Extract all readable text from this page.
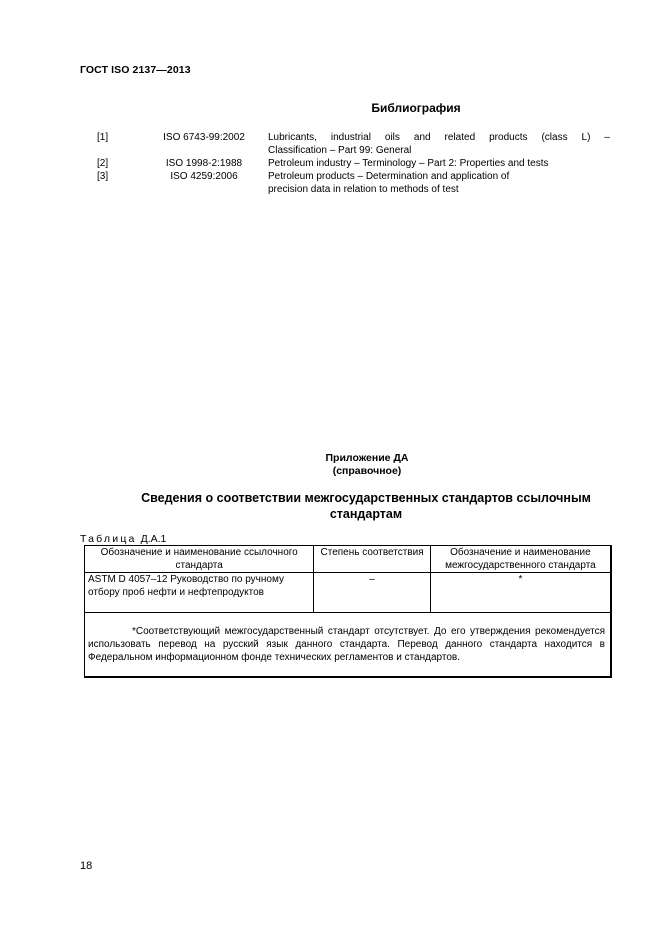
ГОСТ ISO 2137—2013
Библиография
[1]	ISO 6743-99:2002	Lubricants, industrial oils and related products (class L) –
Classification – Part 99: General
[2]	ISO 1998-2:1988	Petroleum industry – Terminology – Part 2: Properties and tests
[3]	ISO 4259:2006	Petroleum products – Determination and application of
precision data in relation to methods of test
Приложение ДА
(справочное)
Сведения о соответствии межгосударственных стандартов ссылочным стандартам
Таблица Д.А.1
Обозначение и наименование ссылочного стандарта	Степень соответствия	Обозначение и наименование межгосударственного стандарта
ASTM D 4057–12 Руководство по ручному отбору проб нефти и нефтепродуктов	–	*

*Соответствующий межгосударственный стандарт отсутствует. До его утверждения рекомендуется использовать перевод на русский язык данного стандарта. Перевод данного стандарта находится в Федеральном информационном фонде технических регламентов и стандартов.		

18
